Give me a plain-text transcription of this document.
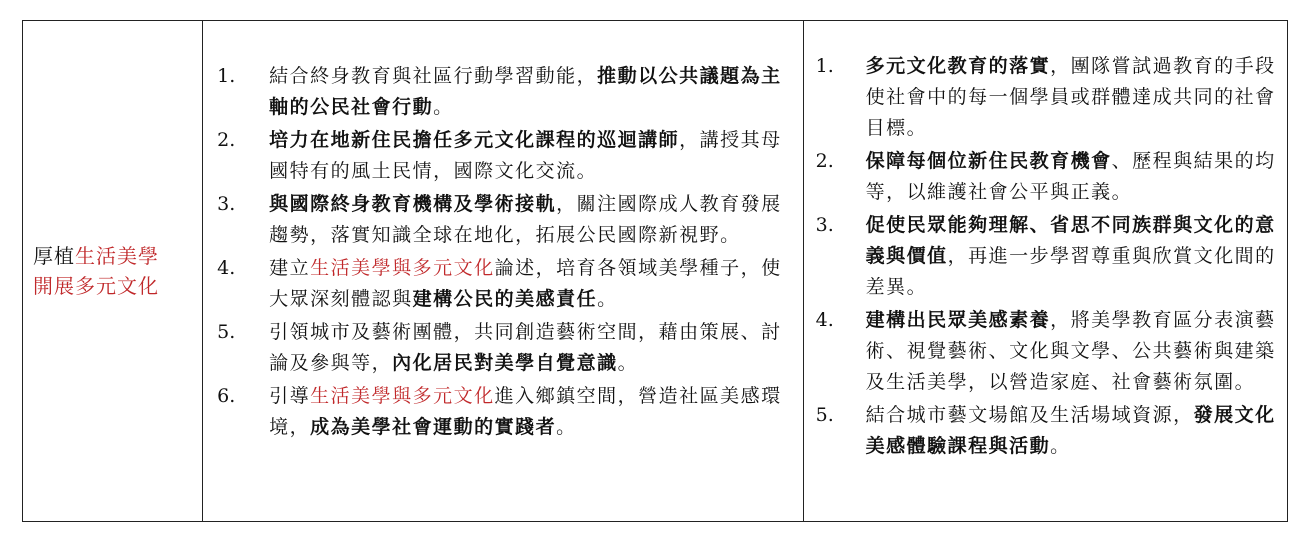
厚植生活美學
開展多元文化

1.	結合終身教育與社區行動學習動能，推動以公共議題為主軸的公民社會行動。
2.	培力在地新住民擔任多元文化課程的巡迴講師，講授其母國特有的風土民情，國際文化交流。
3.	與國際終身教育機構及學術接軌，關注國際成人教育發展趨勢，落實知識全球在地化，拓展公民國際新視野。
4.	建立生活美學與多元文化論述，培育各領域美學種子，使大眾深刻體認與建構公民的美感責任。
5.	引領城市及藝術團體，共同創造藝術空間，藉由策展、討論及參與等，內化居民對美學自覺意識。
6.	引導生活美學與多元文化進入鄉鎮空間，營造社區美感環境，成為美學社會運動的實踐者。

1.	多元文化教育的落實，團隊嘗試過教育的手段使社會中的每一個學員或群體達成共同的社會目標。
2.	保障每個位新住民教育機會、歷程與結果的均等，以維護社會公平與正義。
3.	促使民眾能夠理解、省思不同族群與文化的意義與價值，再進一步學習尊重與欣賞文化間的差異。
4.	建構出民眾美感素養，將美學教育區分表演藝術、視覺藝術、文化與文學、公共藝術與建築及生活美學，以營造家庭、社會藝術氛圍。
5.	結合城市藝文場館及生活場域資源，發展文化美感體驗課程與活動。
